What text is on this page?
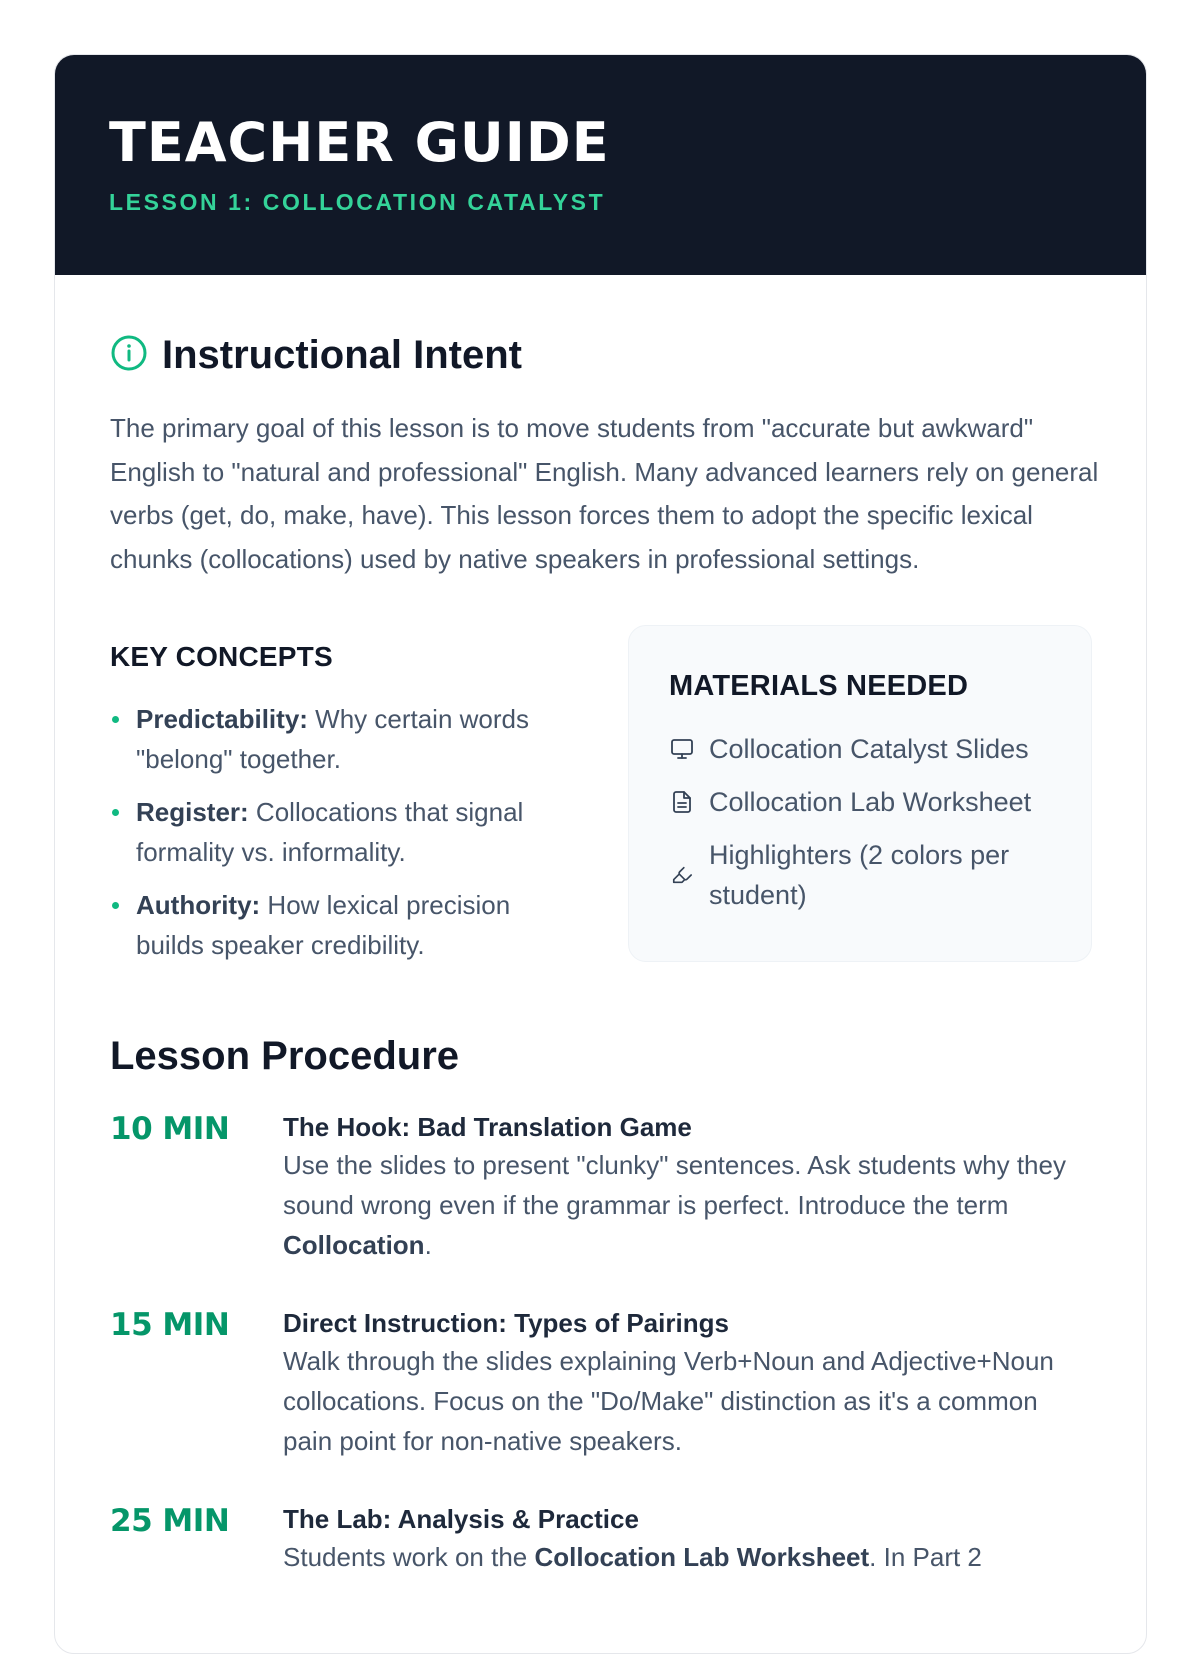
TEACHER GUIDE
LESSON 1: COLLOCATION CATALYST
Instructional Intent

The primary goal of this lesson is to move students from "accurate but awkward" English to "natural and professional" English. Many advanced learners rely on general verbs (get, do, make, have). This lesson forces them to adopt the specific lexical chunks (collocations) used by native speakers in professional settings.

KEY CONCEPTS
Predictability: Why certain words "belong" together.
Register: Collocations that signal formality vs. informality.
Authority: How lexical precision builds speaker credibility.
MATERIALS NEEDED
Collocation Catalyst Slides
Collocation Lab Worksheet
Highlighters (2 colors per student)
Lesson Procedure
10 MIN	The Hook: Bad Translation Game
Use the slides to present "clunky" sentences. Ask students why they sound wrong even if the grammar is perfect. Introduce the term Collocation.
15 MIN	Direct Instruction: Types of Pairings
Walk through the slides explaining Verb+Noun and Adjective+Noun collocations. Focus on the "Do/Make" distinction as it's a common pain point for non-native speakers.
25 MIN	The Lab: Analysis & Practice
Students work on the Collocation Lab Worksheet. In Part 2
